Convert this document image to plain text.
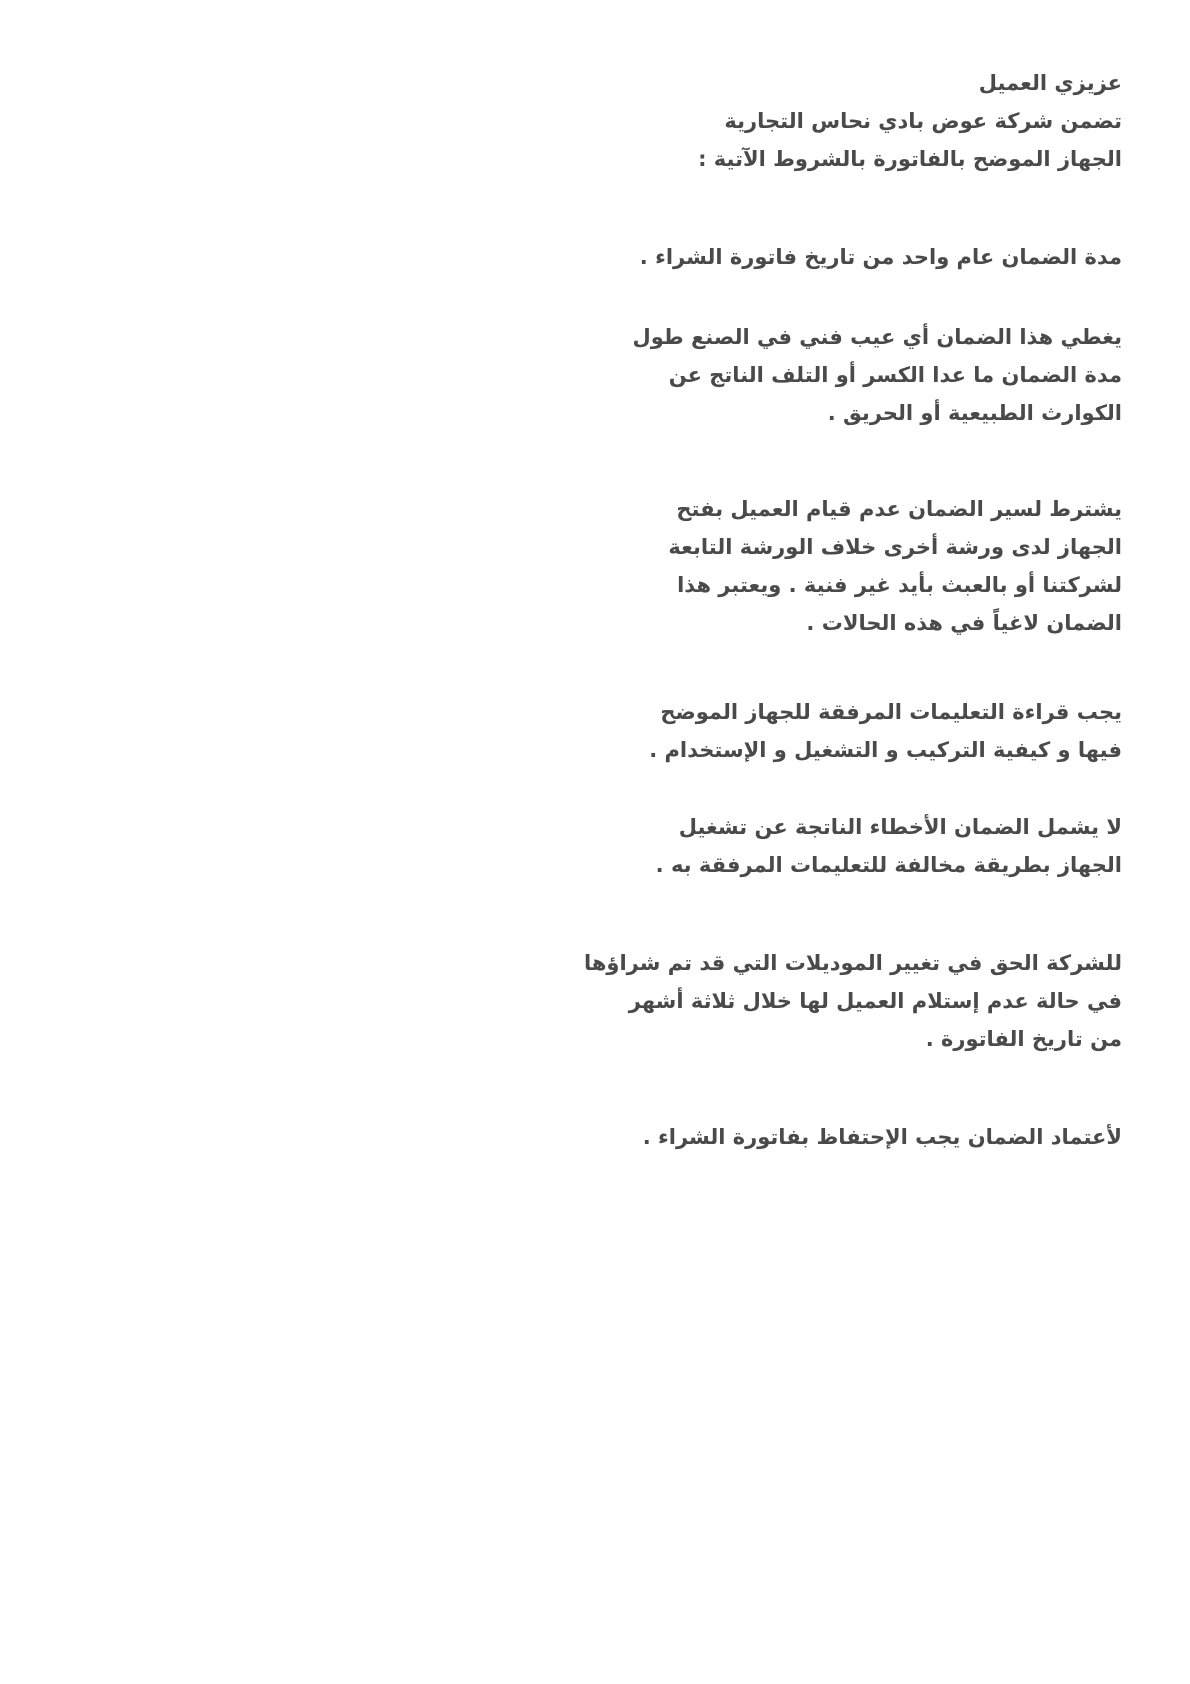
عزيزي العميل
تضمن شركة عوض بادي نحاس التجارية
الجهاز الموضح بالفاتورة بالشروط الآتية :
مدة الضمان عام واحد من تاريخ فاتورة الشراء .
يغطي هذا الضمان أي عيب فني في الصنع طول
مدة الضمان ما عدا الكسر أو التلف الناتج عن
الكوارث الطبيعية أو الحريق .
يشترط لسير الضمان عدم قيام العميل بفتح
الجهاز لدى ورشة أخرى خلاف الورشة التابعة
لشركتنا أو بالعبث بأيد غير فنية . ويعتبر هذا
الضمان لاغياً في هذه الحالات .
يجب قراءة التعليمات المرفقة للجهاز الموضح
فيها و كيفية التركيب و التشغيل و الإستخدام .
لا يشمل الضمان الأخطاء الناتجة عن تشغيل
الجهاز بطريقة مخالفة للتعليمات المرفقة به .
للشركة الحق في تغيير الموديلات التي قد تم شراؤها
في حالة عدم إستلام العميل لها خلال ثلاثة أشهر
من تاريخ الفاتورة .
لأعتماد الضمان يجب الإحتفاظ بفاتورة الشراء .
